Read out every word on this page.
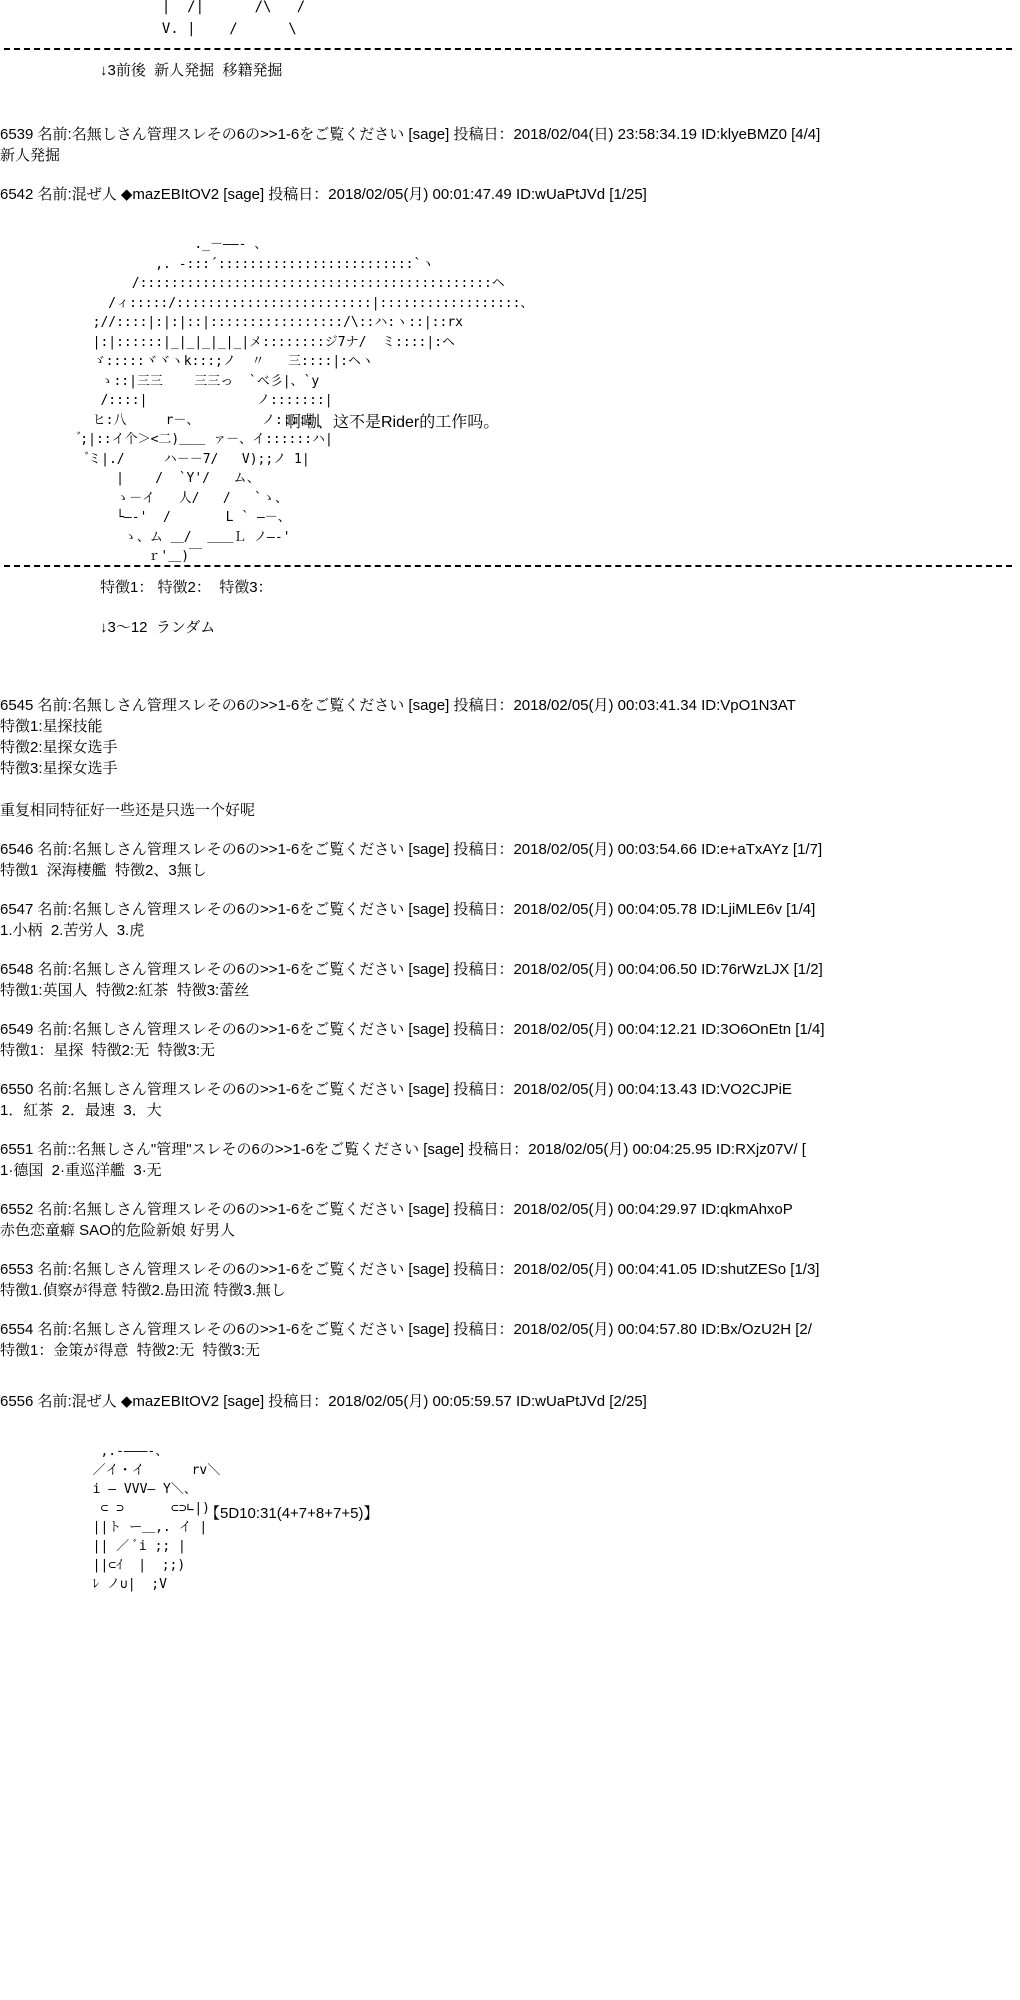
|  /|      /\   /
V. |    /      \
↓3前後  新人発掘  移籍発掘
6539 名前:名無しさん管理スレその6の>>1-6をご覧ください [sage] 投稿日：2018/02/04(日) 23:58:34.19 ID:klyeBMZ0 [4/4]
新人発掘
6542 名前:混ぜ人 ◆mazEBItOV2 [sage] 投稿日：2018/02/05(月) 00:01:47.49 ID:wUaPtJVd [1/25]
._－――‐ 、
,. -:::´:::::::::::::::::::::::::`ヽ
/:::::::::::::::::::::::::::::::::::::::::::::ヘ
/ィ:::::/:::::::::::::::::::::::::|::::::::::::::::::、
;//::::|:|:|::|:::::::::::::::::/\::ハ:ヽ::|::rx
|:|::::::|_|_|_|_|_|メ::::::::ジ7ナ/  ミ::::|:ヘ
ゞ:::::ヾヾヽk:::;ノ  〃   三::::|:ヘヽ
ゝ::|三三    三三っ  `ベ彡|、`y
/::::|              ノ:::::::|
ヒ:八     r－、        ノ:::::|
゙;|::イ个＞<二)＿＿ ァ－、イ::::::ハ|
゙ミ|./     ハ－－7/   V);;ノ 1|
|    /  `Y'/   ム、
ゝ－イ   人/   /   `ゝ、
└―‐'  /       L ` ―－、
ゝ、ム ＿/  ＿＿Ｌ ノ―‐'
ｒ'＿)￣
啊嘞、这不是Rider的工作吗。
特徴1： 特徴2：  特徴3：
↓3～12  ランダム
6545 名前:名無しさん管理スレその6の>>1-6をご覧ください [sage] 投稿日：2018/02/05(月) 00:03:41.34 ID:VpO1N3AT
特徴1:星探技能
特徴2:星探女选手
特徴3:星探女选手

重复相同特征好一些还是只选一个好呢
6546 名前:名無しさん管理スレその6の>>1-6をご覧ください [sage] 投稿日：2018/02/05(月) 00:03:54.66 ID:e+aTxAYz [1/7]
特徴1  深海棲艦  特徴2、3無し
6547 名前:名無しさん管理スレその6の>>1-6をご覧ください [sage] 投稿日：2018/02/05(月) 00:04:05.78 ID:LjiMLE6v [1/4]
1.小柄  2.苦労人  3.虎
6548 名前:名無しさん管理スレその6の>>1-6をご覧ください [sage] 投稿日：2018/02/05(月) 00:04:06.50 ID:76rWzLJX [1/2]
特徴1:英国人  特徴2:紅茶  特徴3:蕾丝
6549 名前:名無しさん管理スレその6の>>1-6をご覧ください [sage] 投稿日：2018/02/05(月) 00:04:12.21 ID:3O6OnEtn [1/4]
特徴1：星探  特徴2:无  特徴3:无
6550 名前:名無しさん管理スレその6の>>1-6をご覧ください [sage] 投稿日：2018/02/05(月) 00:04:13.43 ID:VO2CJPiE
1．紅茶  2．最速  3．大
6551 名前::名無しさん"管理"スレその6の>>1-6をご覧ください [sage] 投稿日：2018/02/05(月) 00:04:25.95 ID:RXjz07V/ [
1·德国  2·重巡洋艦  3·无
6552 名前:名無しさん管理スレその6の>>1-6をご覧ください [sage] 投稿日：2018/02/05(月) 00:04:29.97 ID:qkmAhxoP
赤色恋童癖 SAO的危险新娘 好男人
6553 名前:名無しさん管理スレその6の>>1-6をご覧ください [sage] 投稿日：2018/02/05(月) 00:04:41.05 ID:shutZESo [1/3]
特徴1.偵察が得意 特徴2.島田流 特徴3.無し
6554 名前:名無しさん管理スレその6の>>1-6をご覧ください [sage] 投稿日：2018/02/05(月) 00:04:57.80 ID:Bx/OzU2H [2/
特徴1：金策が得意  特徴2:无  特徴3:无
6556 名前:混ぜ人 ◆mazEBItOV2 [sage] 投稿日：2018/02/05(月) 00:05:59.57 ID:wUaPtJVd [2/25]
,.-―――-、
／イ・イ      rv＼
i ― VVV― Y＼、
⊂ ⊃      ⊂⊃∟|)
||ト ー＿,. イ |
|| ／ ﾞi ;; |
||⊂ｲ  |  ;;)
ﾚ ノ∪|  ;V
【5D10:31(4+7+8+7+5)】
